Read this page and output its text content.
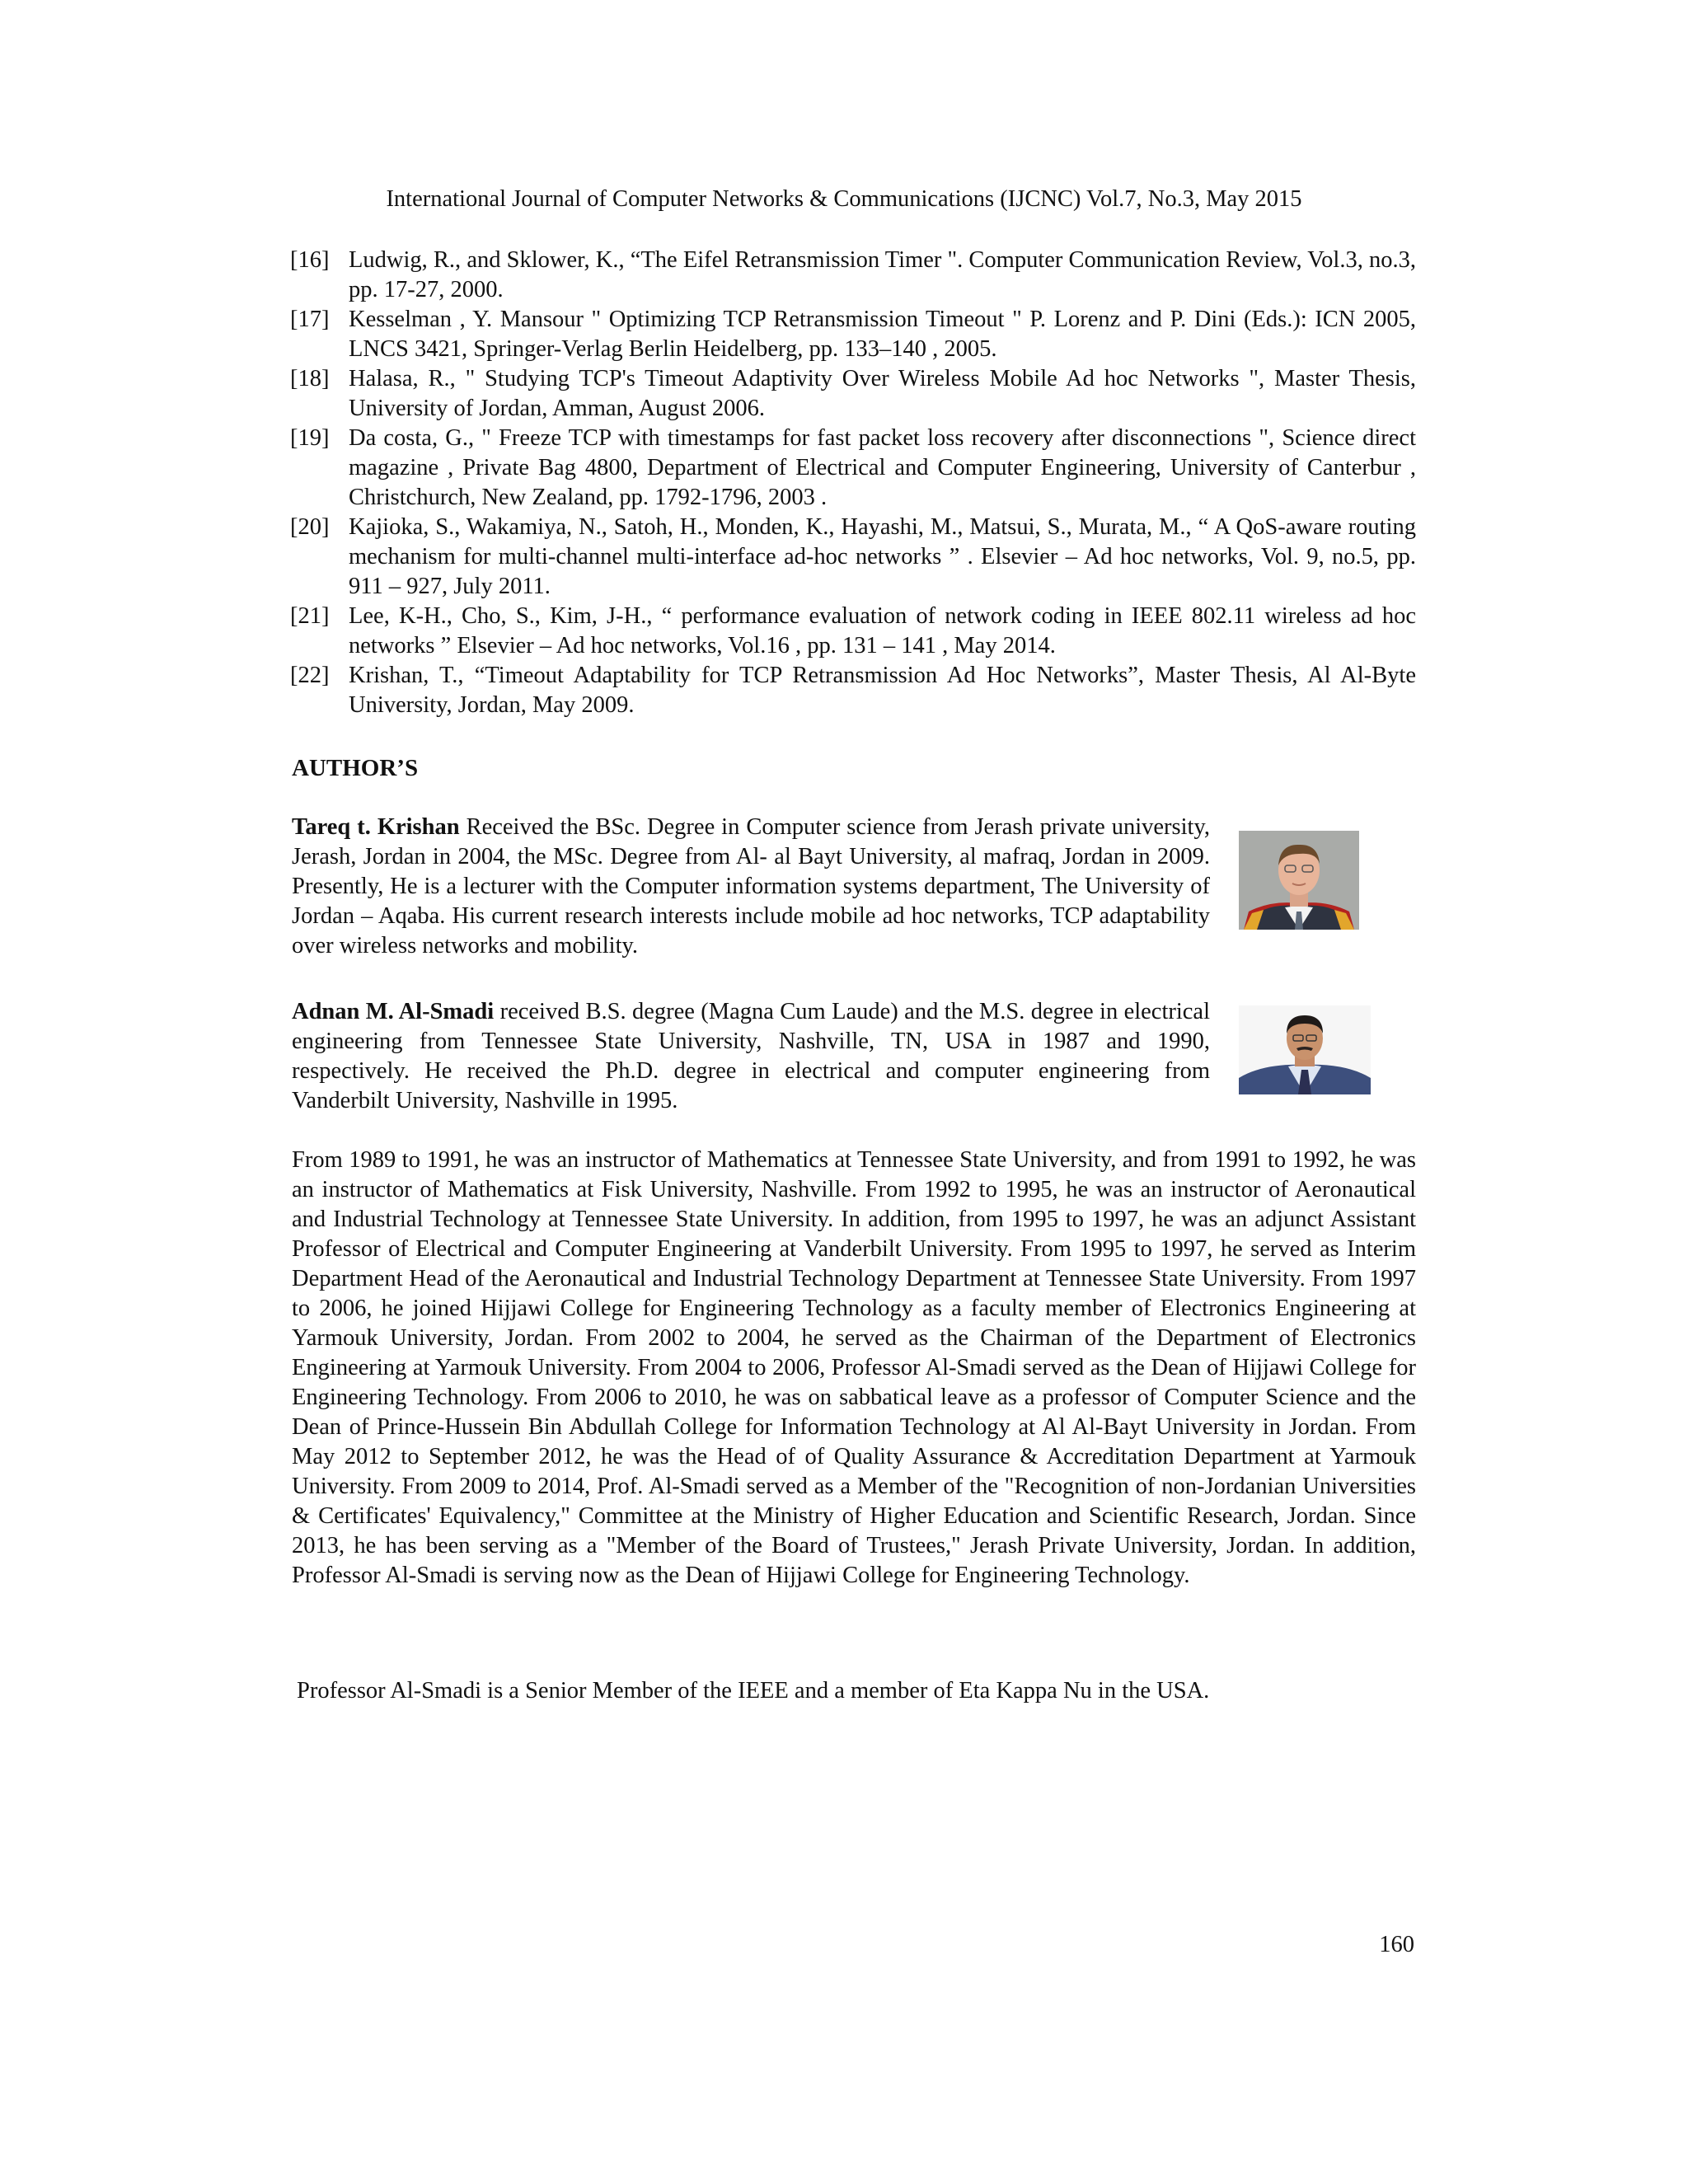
International Journal of Computer Networks & Communications (IJCNC) Vol.7, No.3, May 2015
[16] Ludwig, R., and Sklower, K., “The Eifel Retransmission Timer ". Computer Communication Review, Vol.3, no.3, pp. 17-27, 2000.
[17] Kesselman , Y. Mansour " Optimizing TCP Retransmission Timeout " P. Lorenz and P. Dini (Eds.): ICN 2005, LNCS 3421, Springer-Verlag Berlin Heidelberg, pp. 133–140 , 2005.
[18] Halasa, R., " Studying TCP's Timeout Adaptivity Over Wireless Mobile Ad hoc Networks ", Master Thesis, University of Jordan, Amman, August 2006.
[19] Da costa, G., " Freeze TCP with timestamps for fast packet loss recovery after disconnections ", Science direct magazine , Private Bag 4800, Department of Electrical and Computer Engineering, University of Canterbur , Christchurch, New Zealand, pp. 1792-1796, 2003 .
[20] Kajioka, S., Wakamiya, N., Satoh, H., Monden, K., Hayashi, M., Matsui, S., Murata, M., “ A QoS-aware routing mechanism for multi-channel multi-interface ad-hoc networks ” . Elsevier – Ad hoc networks, Vol. 9, no.5, pp. 911 – 927, July 2011.
[21] Lee, K-H., Cho, S., Kim, J-H., “ performance evaluation of network coding in IEEE 802.11 wireless ad hoc networks ” Elsevier – Ad hoc networks, Vol.16 , pp. 131 – 141 , May 2014.
[22] Krishan, T., “Timeout Adaptability for TCP Retransmission Ad Hoc Networks”, Master Thesis, Al Al-Byte University, Jordan, May 2009.
AUTHOR’S
Tareq t. Krishan Received the BSc. Degree in Computer science from Jerash private university, Jerash, Jordan in 2004, the MSc. Degree from Al- al Bayt University, al mafraq, Jordan in 2009. Presently, He is a lecturer with the Computer information systems department, The University of Jordan – Aqaba. His current research interests include mobile ad hoc networks, TCP adaptability over wireless networks and mobility.
Adnan M. Al-Smadi received B.S. degree (Magna Cum Laude) and the M.S. degree in electrical engineering from Tennessee State University, Nashville, TN, USA in 1987 and 1990, respectively. He received the Ph.D. degree in electrical and computer engineering from Vanderbilt University, Nashville in 1995.
From 1989 to 1991, he was an instructor of Mathematics at Tennessee State University, and from 1991 to 1992, he was an instructor of Mathematics at Fisk University, Nashville. From 1992 to 1995, he was an instructor of Aeronautical and Industrial Technology at Tennessee State University. In addition, from 1995 to 1997, he was an adjunct Assistant Professor of Electrical and Computer Engineering at Vanderbilt University. From 1995 to 1997, he served as Interim Department Head of the Aeronautical and Industrial Technology Department at Tennessee State University. From 1997 to 2006, he joined Hijjawi College for Engineering Technology as a faculty member of Electronics Engineering at Yarmouk University, Jordan. From 2002 to 2004, he served as the Chairman of the Department of Electronics Engineering at Yarmouk University. From 2004 to 2006, Professor Al-Smadi served as the Dean of Hijjawi College for Engineering Technology. From 2006 to 2010, he was on sabbatical leave as a professor of Computer Science and the Dean of Prince-Hussein Bin Abdullah College for Information Technology at Al Al-Bayt University in Jordan. From May 2012 to September 2012, he was the Head of of Quality Assurance & Accreditation Department at Yarmouk University. From 2009 to 2014, Prof. Al-Smadi served as a Member of the "Recognition of non-Jordanian Universities & Certificates' Equivalency," Committee at the Ministry of Higher Education and Scientific Research, Jordan. Since 2013, he has been serving as a "Member of the Board of Trustees," Jerash Private University, Jordan. In addition, Professor Al-Smadi is serving now as the Dean of Hijjawi College for Engineering Technology.
Professor Al-Smadi is a Senior Member of the IEEE and a member of Eta Kappa Nu in the USA.
160
